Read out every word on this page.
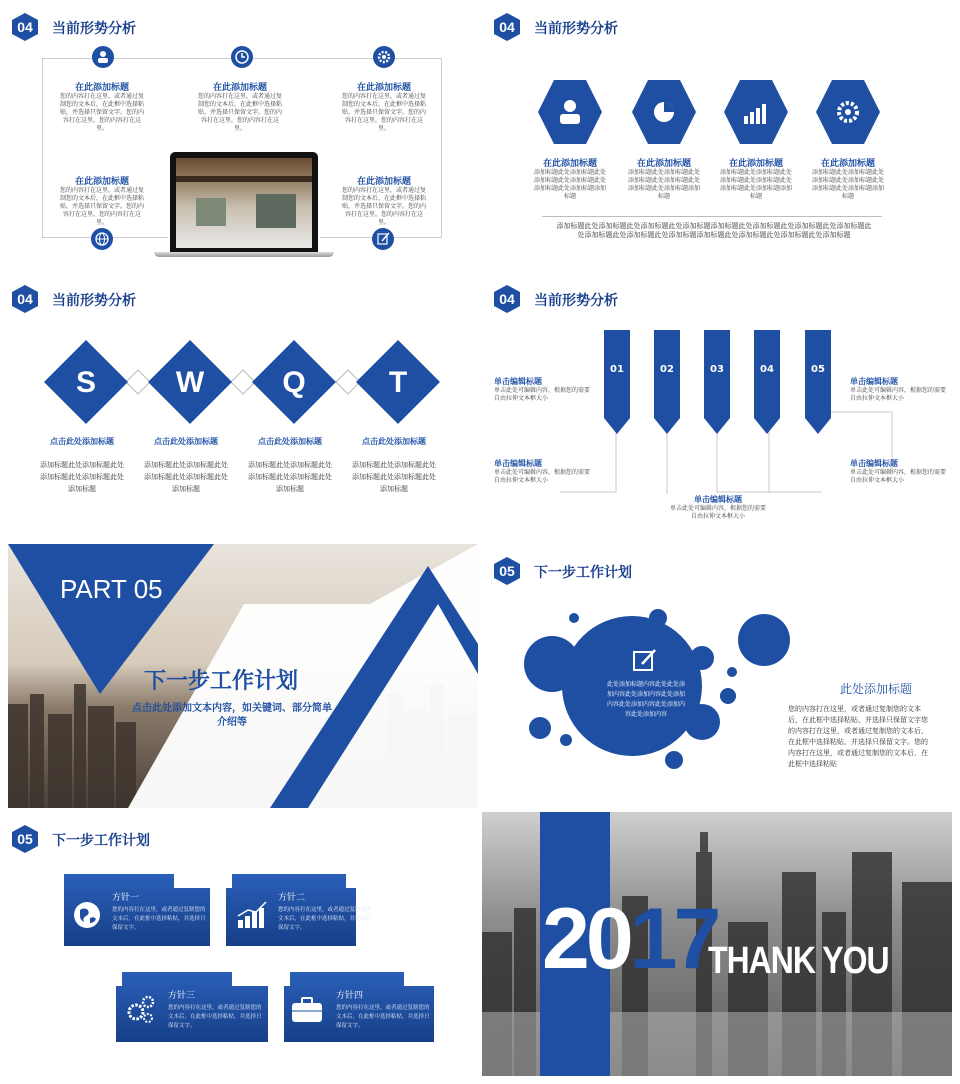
04	当前形势分析
在此添加标题
您的内容打在这里，或者通过复制您的文本后，在此框中选择粘贴，并选择只保留文字。您的内容打在这里，您的内容打在这里。
在此添加标题
您的内容打在这里，或者通过复制您的文本后，在此框中选择粘贴，并选择只保留文字。您的内容打在这里，您的内容打在这里。
在此添加标题
您的内容打在这里，或者通过复制您的文本后，在此框中选择粘贴，并选择只保留文字。您的内容打在这里，您的内容打在这里。
在此添加标题
您的内容打在这里，或者通过复制您的文本后，在此框中选择粘贴，并选择只保留文字。您的内容打在这里，您的内容打在这里。
在此添加标题
您的内容打在这里，或者通过复制您的文本后，在此框中选择粘贴，并选择只保留文字。您的内容打在这里，您的内容打在这里。
04	当前形势分析
在此添加标题
添加标题此处添加标题此处添加标题此处添加标题此处添加标题此处添加标题添加标题
在此添加标题
添加标题此处添加标题此处添加标题此处添加标题此处添加标题此处添加标题添加标题
在此添加标题
添加标题此处添加标题此处添加标题此处添加标题此处添加标题此处添加标题添加标题
在此添加标题
添加标题此处添加标题此处添加标题此处添加标题此处添加标题此处添加标题添加标题
添加标题此处添加标题此处添加标题此处添加标题添加标题此处添加标题此处添加标题此处添加标题此处添加标题此处添加标题此处添加标题添加标题此处添加标题此处添加标题此处添加标题
04	当前形势分析
S	W	Q	T
点击此处添加标题
添加标题此处添加标题此处添加标题此处添加标题此处添加标题
点击此处添加标题
添加标题此处添加标题此处添加标题此处添加标题此处添加标题
点击此处添加标题
添加标题此处添加标题此处添加标题此处添加标题此处添加标题
点击此处添加标题
添加标题此处添加标题此处添加标题此处添加标题此处添加标题
04	当前形势分析
01	02	03	04	05
单击编辑标题
单击此处可编辑内容，根据您的需要自由拉伸文本框大小
单击编辑标题
单击此处可编辑内容，根据您的需要自由拉伸文本框大小
单击编辑标题
单击此处可编辑内容，根据您的需要自由拉伸文本框大小
单击编辑标题
单击此处可编辑内容，根据您的需要自由拉伸文本框大小
单击编辑标题
单击此处可编辑内容，根据您的需要自由拉伸文本框大小
PART 05
下一步工作计划
点击此处添加文本内容，如关键词、部分简单介绍等
05	下一步工作计划
此处添加标题内容此处此处添加内容此处添加内容此处添加内容此处添加内容此处添加内容此处添加内容
此处添加标题
您的内容打在这里，或者通过复制您的文本后，在此框中选择粘贴，并选择只保留文字您的内容打在这里，或者通过复制您的文本后，在此框中选择粘贴，并选择只保留文字。您的内容打在这里，或者通过复制您的文本后，在此框中选择粘贴
05	下一步工作计划
方针一
您的内容打在这里，或者通过复制您的文本后，在此框中选择粘贴，并选择只保留文字。
方针二
您的内容打在这里，或者通过复制您的文本后，在此框中选择粘贴，并选择只保留文字。
方针三
您的内容打在这里，或者通过复制您的文本后，在此框中选择粘贴，并选择只保留文字。
方针四
您的内容打在这里，或者通过复制您的文本后，在此框中选择粘贴，并选择只保留文字。
2017
THANK YOU
